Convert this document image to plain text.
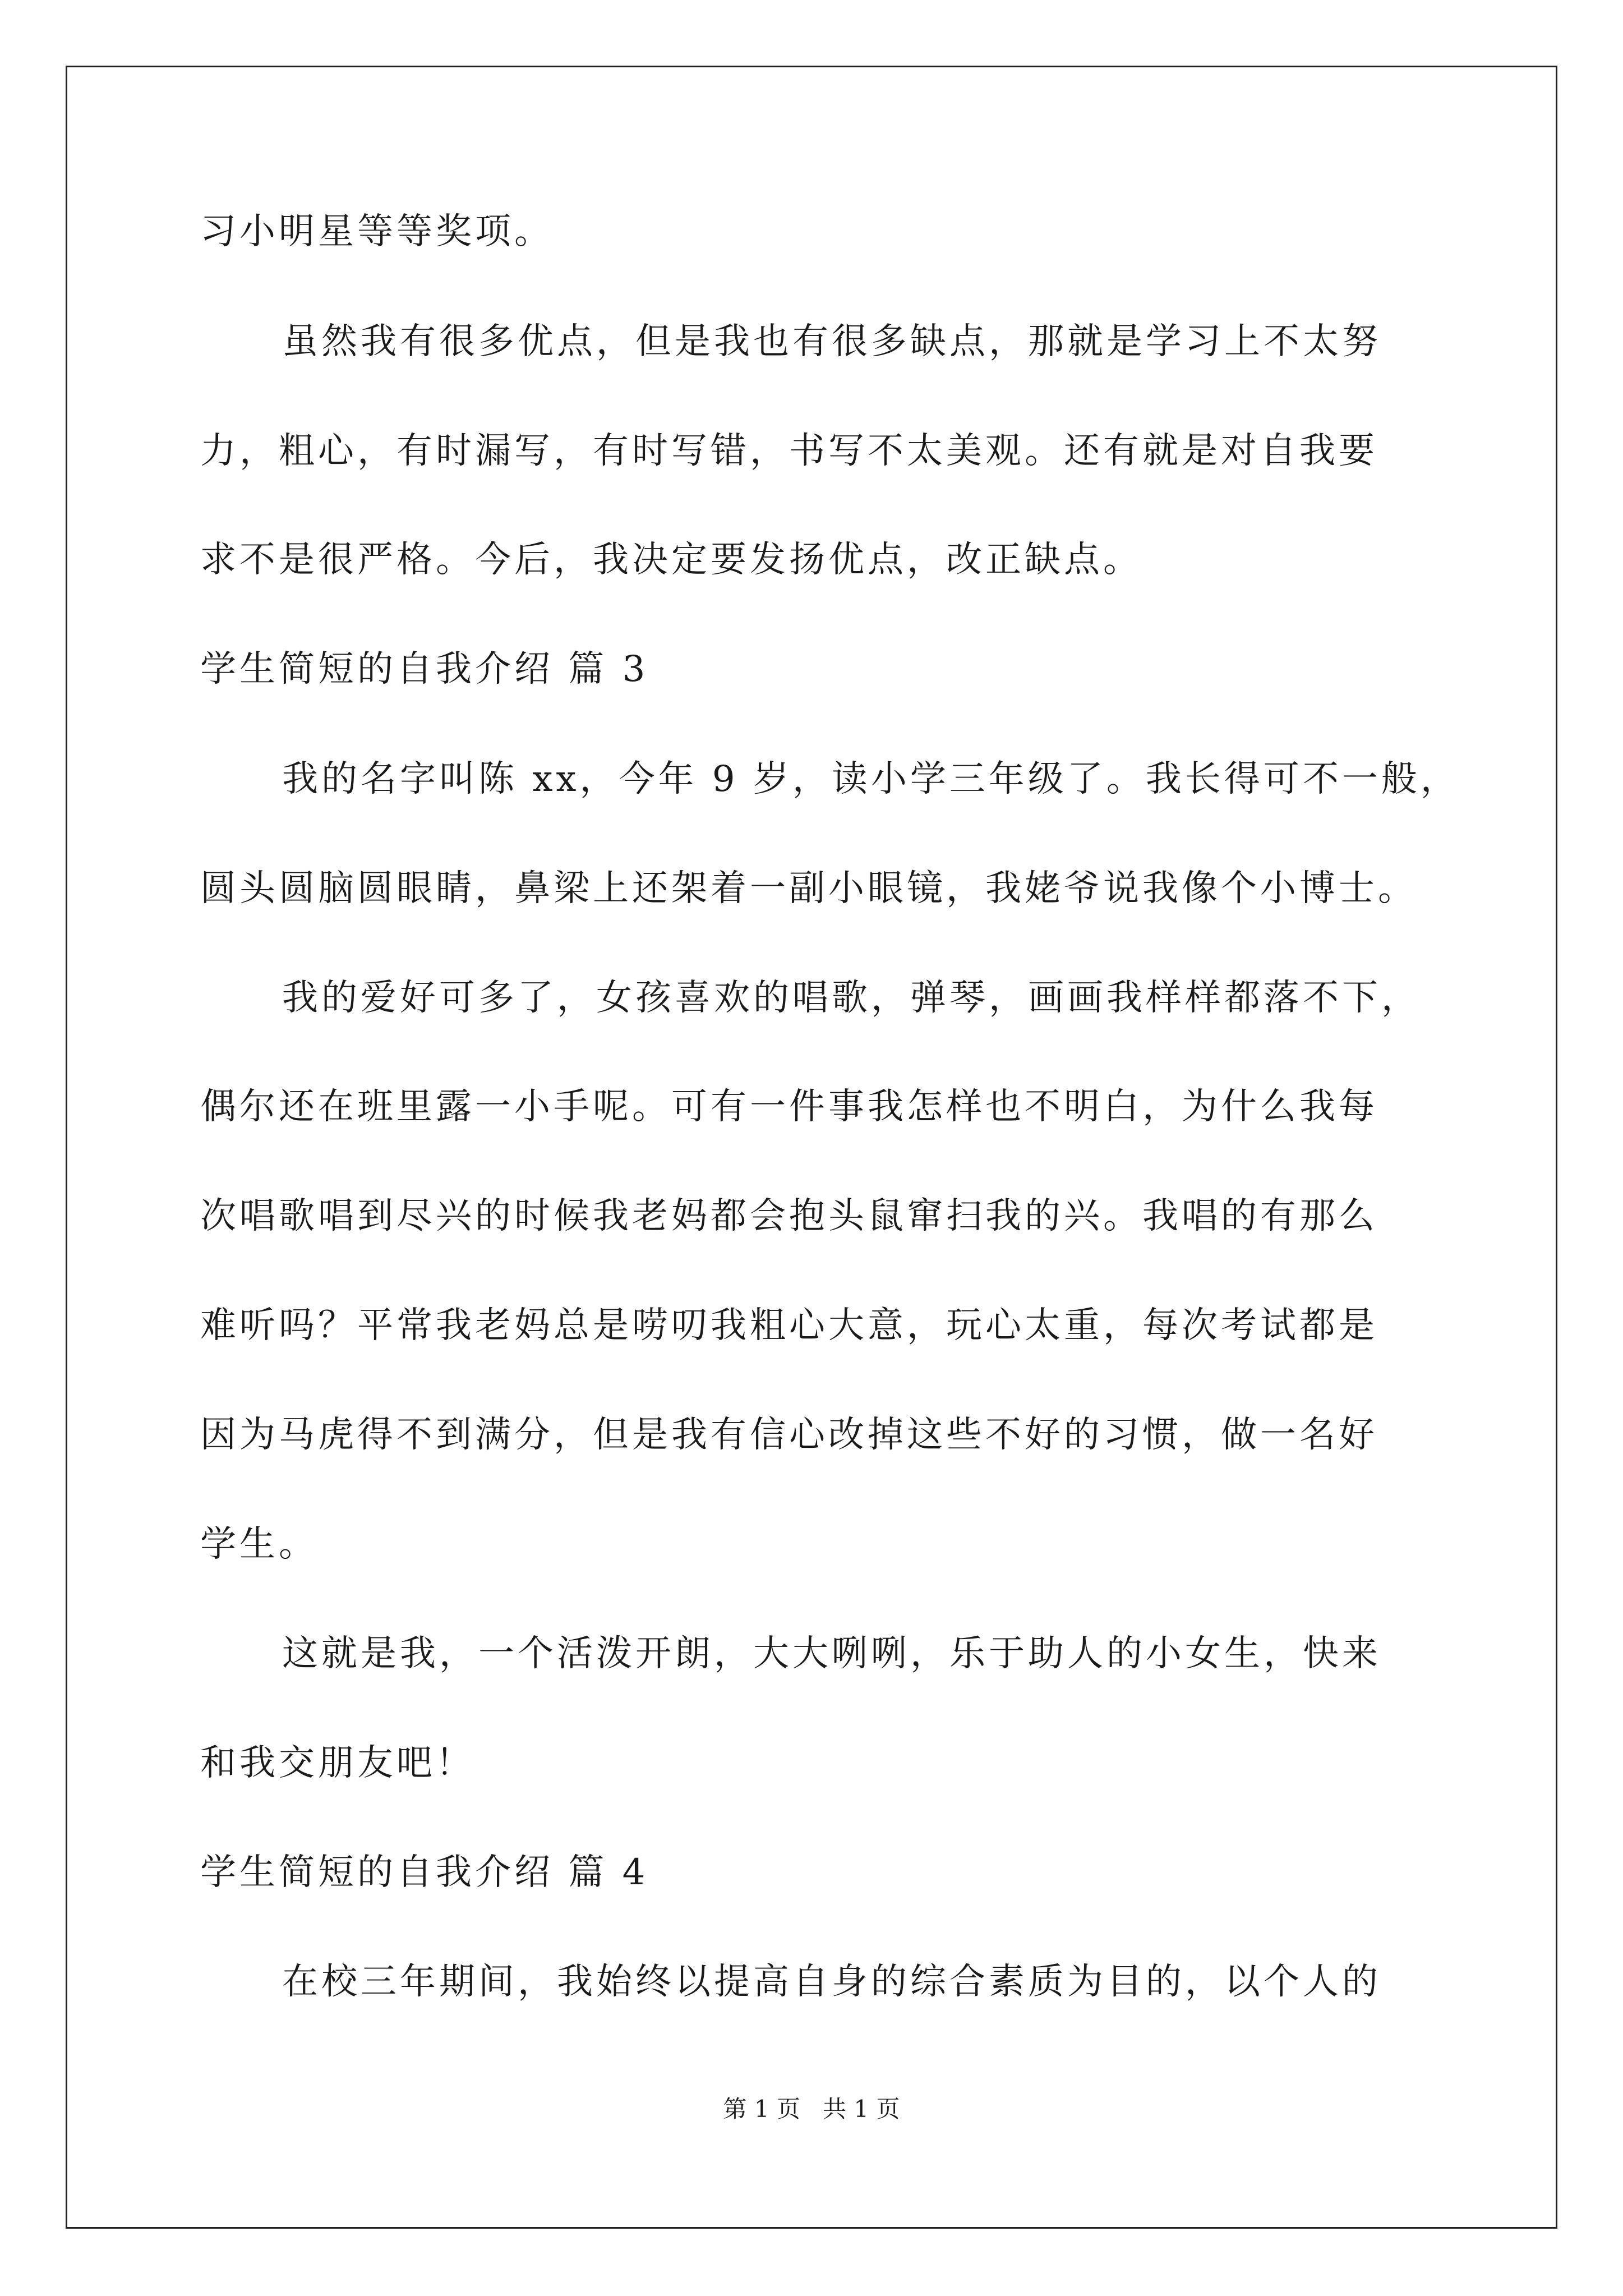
习小明星等等奖项。
虽然我有很多优点，但是我也有很多缺点，那就是学习上不太努
力，粗心，有时漏写，有时写错，书写不太美观。还有就是对自我要
求不是很严格。今后，我决定要发扬优点，改正缺点。
学生简短的自我介绍 篇 3
我的名字叫陈 xx，今年 9 岁，读小学三年级了。我长得可不一般，
圆头圆脑圆眼睛，鼻梁上还架着一副小眼镜，我姥爷说我像个小博士。
我的爱好可多了，女孩喜欢的唱歌，弹琴，画画我样样都落不下，
偶尔还在班里露一小手呢。可有一件事我怎样也不明白，为什么我每
次唱歌唱到尽兴的时候我老妈都会抱头鼠窜扫我的兴。我唱的有那么
难听吗？平常我老妈总是唠叨我粗心大意，玩心太重，每次考试都是
因为马虎得不到满分，但是我有信心改掉这些不好的习惯，做一名好
学生。
这就是我，一个活泼开朗，大大咧咧，乐于助人的小女生，快来
和我交朋友吧！
学生简短的自我介绍 篇 4
在校三年期间，我始终以提高自身的综合素质为目的，以个人的
第 1 页   共 1 页
